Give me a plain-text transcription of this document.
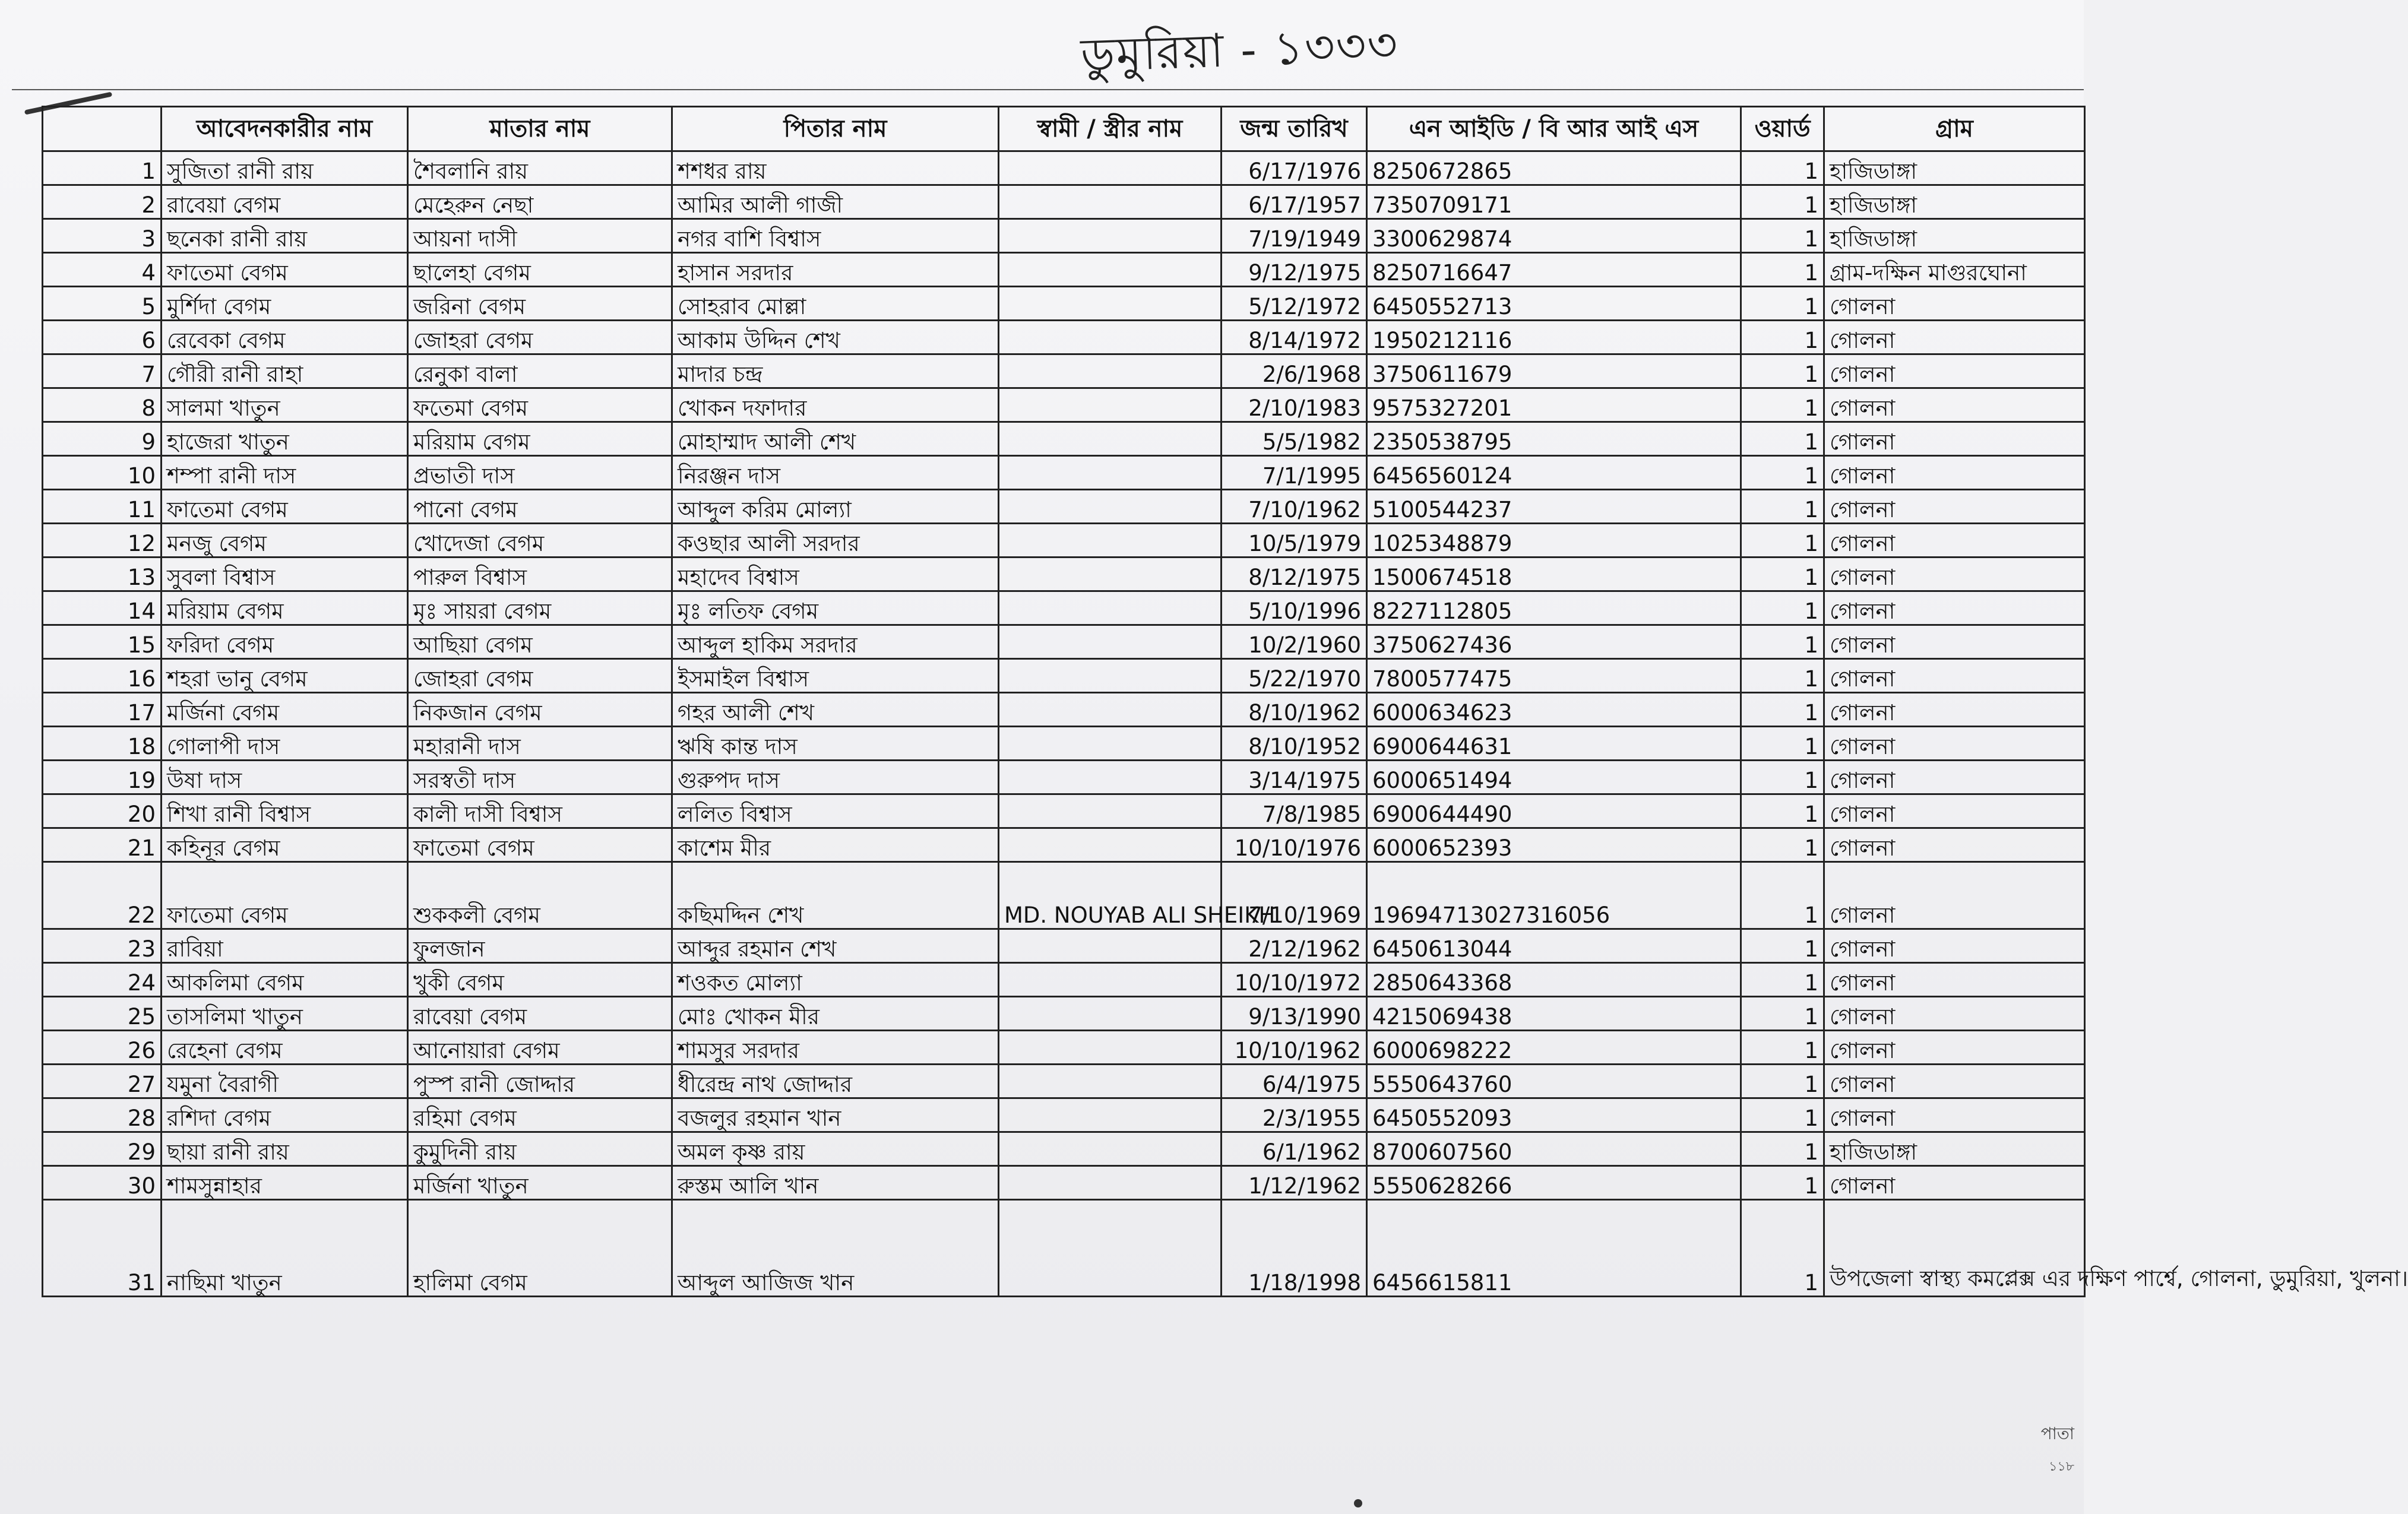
ডুমুরিয়া - ১৩৩৩
	আবেদনকারীর নাম	মাতার নাম	পিতার নাম	স্বামী / স্ত্রীর নাম	জন্ম তারিখ	এন আইডি / বি আর আই এস	ওয়ার্ড	গ্রাম
1	সুজিতা রানী রায়	শৈবলানি রায়	শশধর রায়		6/17/1976	8250672865	1	হাজিডাঙ্গা
2	রাবেয়া বেগম	মেহেরুন নেছা	আমির আলী গাজী		6/17/1957	7350709171	1	হাজিডাঙ্গা
3	ছনেকা রানী রায়	আয়না দাসী	নগর বাশি বিশ্বাস		7/19/1949	3300629874	1	হাজিডাঙ্গা
4	ফাতেমা বেগম	ছালেহা বেগম	হাসান সরদার		9/12/1975	8250716647	1	গ্রাম-দক্ষিন মাগুরঘোনা
5	মুর্শিদা বেগম	জরিনা বেগম	সোহরাব মোল্লা		5/12/1972	6450552713	1	গোলনা
6	রেবেকা বেগম	জোহরা বেগম	আকাম উদ্দিন শেখ		8/14/1972	1950212116	1	গোলনা
7	গৌরী রানী রাহা	রেনুকা বালা	মাদার চন্দ্র		2/6/1968	3750611679	1	গোলনা
8	সালমা খাতুন	ফতেমা বেগম	খোকন দফাদার		2/10/1983	9575327201	1	গোলনা
9	হাজেরা খাতুন	মরিয়াম বেগম	মোহাম্মাদ আলী শেখ		5/5/1982	2350538795	1	গোলনা
10	শম্পা রানী দাস	প্রভাতী দাস	নিরঞ্জন দাস		7/1/1995	6456560124	1	গোলনা
11	ফাতেমা বেগম	পানো বেগম	আব্দুল করিম মোল্যা		7/10/1962	5100544237	1	গোলনা
12	মনজু বেগম	খোদেজা বেগম	কওছার আলী সরদার		10/5/1979	1025348879	1	গোলনা
13	সুবলা বিশ্বাস	পারুল বিশ্বাস	মহাদেব বিশ্বাস		8/12/1975	1500674518	1	গোলনা
14	মরিয়াম বেগম	মৃঃ সায়রা বেগম	মৃঃ লতিফ বেগম		5/10/1996	8227112805	1	গোলনা
15	ফরিদা বেগম	আছিয়া বেগম	আব্দুল হাকিম সরদার		10/2/1960	3750627436	1	গোলনা
16	শহরা ভানু বেগম	জোহরা বেগম	ইসমাইল বিশ্বাস		5/22/1970	7800577475	1	গোলনা
17	মর্জিনা বেগম	নিকজান বেগম	গহর আলী শেখ		8/10/1962	6000634623	1	গোলনা
18	গোলাপী দাস	মহারানী দাস	ঋষি কান্ত দাস		8/10/1952	6900644631	1	গোলনা
19	উষা দাস	সরস্বতী দাস	গুরুপদ দাস		3/14/1975	6000651494	1	গোলনা
20	শিখা রানী বিশ্বাস	কালী দাসী বিশ্বাস	ললিত বিশ্বাস		7/8/1985	6900644490	1	গোলনা
21	কহিনূর বেগম	ফাতেমা বেগম	কাশেম মীর		10/10/1976	6000652393	1	গোলনা
22	ফাতেমা বেগম	শুককলী বেগম	কছিমদ্দিন শেখ	MD. NOUYAB ALI SHEIKH	7/10/1969	19694713027316056	1	গোলনা
23	রাবিয়া	ফুলজান	আব্দুর রহমান শেখ		2/12/1962	6450613044	1	গোলনা
24	আকলিমা বেগম	খুকী বেগম	শওকত মোল্যা		10/10/1972	2850643368	1	গোলনা
25	তাসলিমা খাতুন	রাবেয়া বেগম	মোঃ খোকন মীর		9/13/1990	4215069438	1	গোলনা
26	রেহেনা বেগম	আনোয়ারা বেগম	শামসুর সরদার		10/10/1962	6000698222	1	গোলনা
27	যমুনা বৈরাগী	পুস্প রানী জোদ্দার	ধীরেন্দ্র নাথ জোদ্দার		6/4/1975	5550643760	1	গোলনা
28	রশিদা বেগম	রহিমা বেগম	বজলুর রহমান খান		2/3/1955	6450552093	1	গোলনা
29	ছায়া রানী রায়	কুমুদিনী রায়	অমল কৃষ্ণ রায়		6/1/1962	8700607560	1	হাজিডাঙ্গা
30	শামসুন্নাহার	মর্জিনা খাতুন	রুস্তম আলি খান		1/12/1962	5550628266	1	গোলনা
31	নাছিমা খাতুন	হালিমা বেগম	আব্দুল আজিজ খান		1/18/1998	6456615811	1	উপজেলা স্বাস্থ্য কমপ্লেক্স এর দক্ষিণ পার্শ্বে, গোলনা, ডুমুরিয়া, খুলনা।
পাতা
১১৮
